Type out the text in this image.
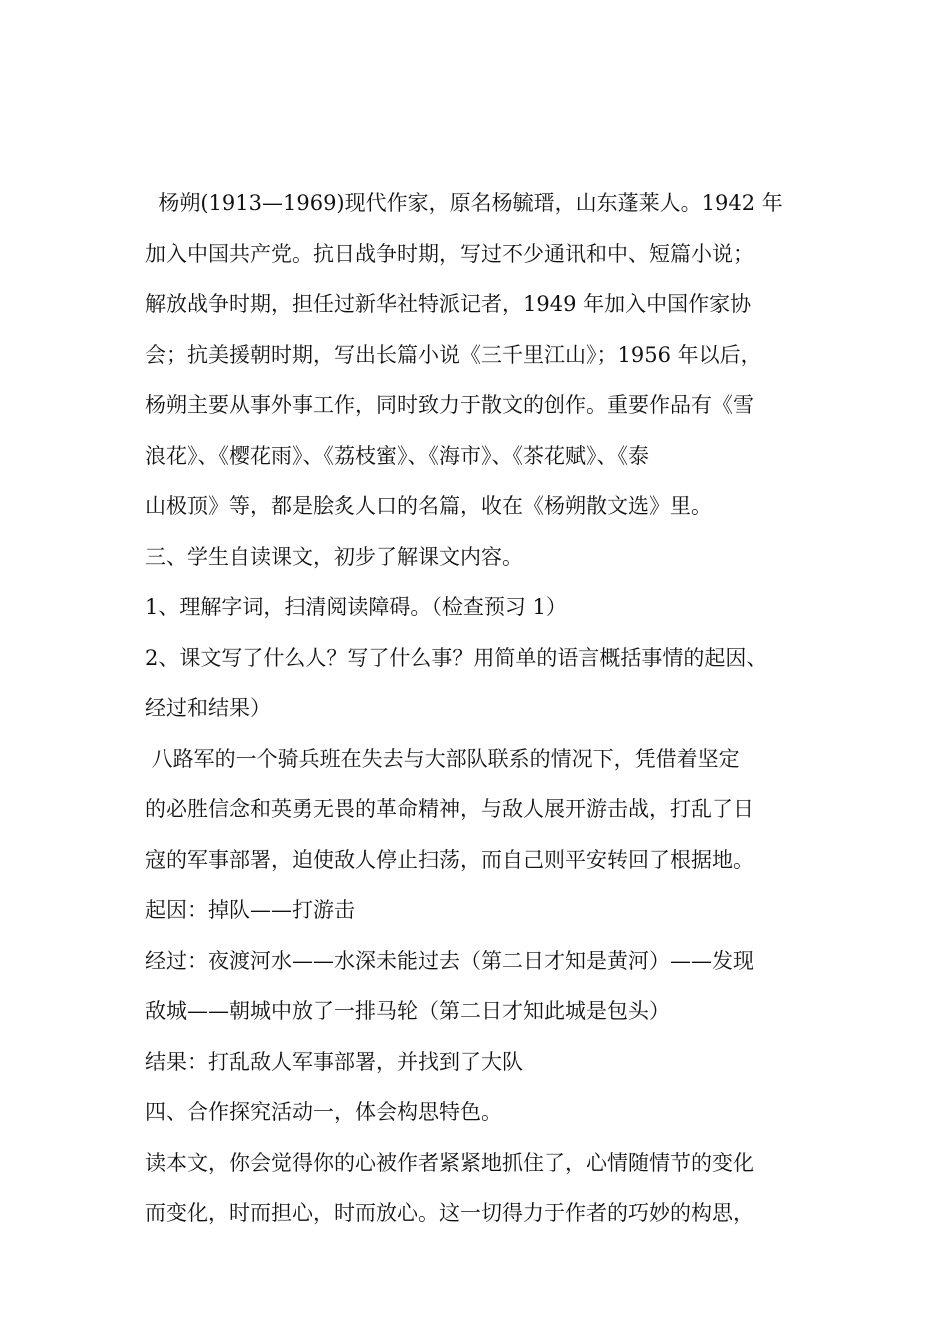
杨朔(1913—1969)现代作家，原名杨毓瑨，山东蓬莱人。1942 年
加入中国共产党。抗日战争时期，写过不少通讯和中、短篇小说；
解放战争时期，担任过新华社特派记者，1949 年加入中国作家协
会；抗美援朝时期，写出长篇小说《三千里江山》；1956 年以后，
杨朔主要从事外事工作，同时致力于散文的创作。重要作品有《雪
浪花》、《樱花雨》、《荔枝蜜》、《海市》、《茶花赋》、《泰
山极顶》等，都是脍炙人口的名篇，收在《杨朔散文选》里。
三、学生自读课文，初步了解课文内容。
1、理解字词，扫清阅读障碍。（检查预习 1）
2、课文写了什么人？写了什么事？用简单的语言概括事情的起因、
经过和结果）
八路军的一个骑兵班在失去与大部队联系的情况下，凭借着坚定
的必胜信念和英勇无畏的革命精神，与敌人展开游击战，打乱了日
寇的军事部署，迫使敌人停止扫荡，而自己则平安转回了根据地。
起因：掉队——打游击
经过：夜渡河水——水深未能过去（第二日才知是黄河）——发现
敌城——朝城中放了一排马轮（第二日才知此城是包头）
结果：打乱敌人军事部署，并找到了大队
四、合作探究活动一，体会构思特色。
读本文，你会觉得你的心被作者紧紧地抓住了，心情随情节的变化
而变化，时而担心，时而放心。这一切得力于作者的巧妙的构思，
